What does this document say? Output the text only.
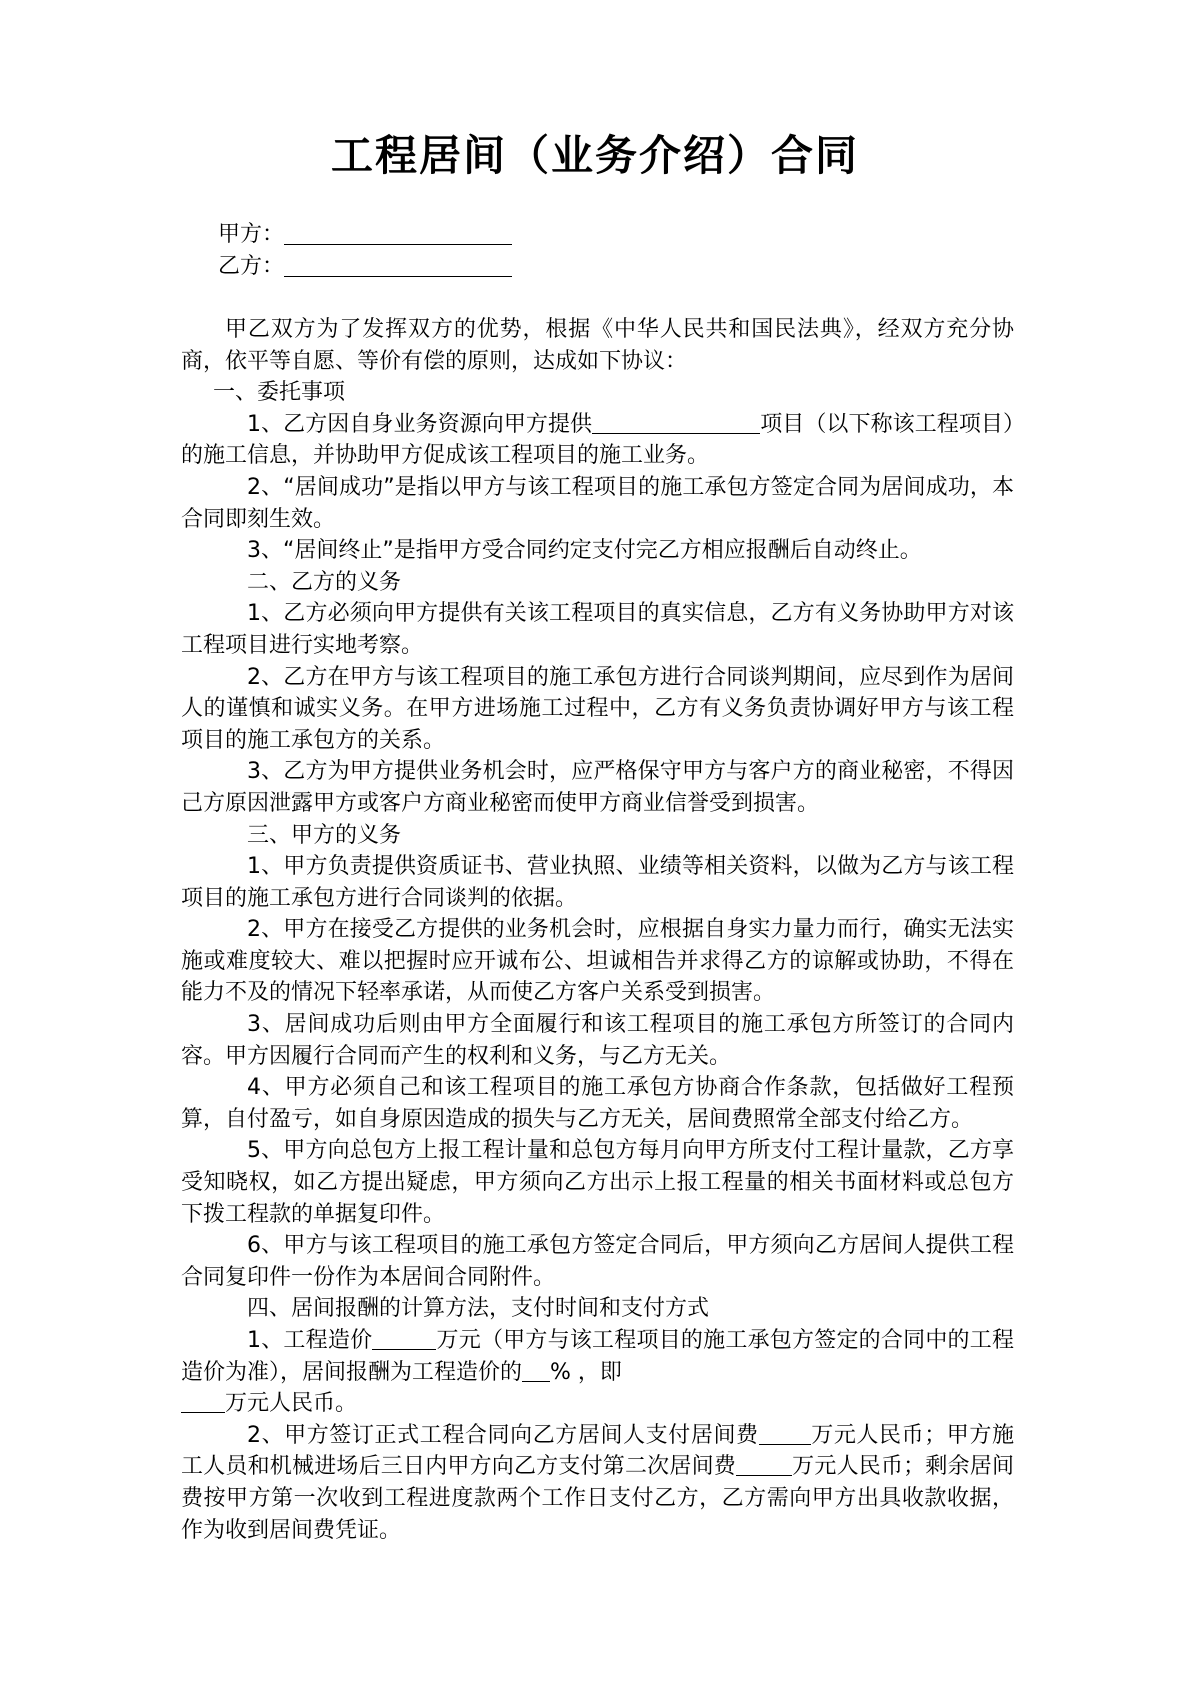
工程居间（业务介绍）合同
甲方：
乙方：

甲乙双方为了发挥双方的优势，根据《中华人民共和国民法典》，经双方充分协商，依平等自愿、等价有偿的原则，达成如下协议：

一、委托事项

1、乙方因自身业务资源向甲方提供	项目（以下称该工程项目）的施工信息，并协助甲方促成该工程项目的施工业务。

2、“居间成功”是指以甲方与该工程项目的施工承包方签定合同为居间成功，本合同即刻生效。

3、“居间终止”是指甲方受合同约定支付完乙方相应报酬后自动终止。

二、乙方的义务

1、乙方必须向甲方提供有关该工程项目的真实信息，乙方有义务协助甲方对该工程项目进行实地考察。

2、乙方在甲方与该工程项目的施工承包方进行合同谈判期间，应尽到作为居间人的谨慎和诚实义务。在甲方进场施工过程中，乙方有义务负责协调好甲方与该工程项目的施工承包方的关系。

3、乙方为甲方提供业务机会时，应严格保守甲方与客户方的商业秘密，不得因己方原因泄露甲方或客户方商业秘密而使甲方商业信誉受到损害。

三、甲方的义务

1、甲方负责提供资质证书、营业执照、业绩等相关资料，以做为乙方与该工程项目的施工承包方进行合同谈判的依据。

2、甲方在接受乙方提供的业务机会时，应根据自身实力量力而行，确实无法实施或难度较大、难以把握时应开诚布公、坦诚相告并求得乙方的谅解或协助，不得在能力不及的情况下轻率承诺，从而使乙方客户关系受到损害。

3、居间成功后则由甲方全面履行和该工程项目的施工承包方所签订的合同内容。甲方因履行合同而产生的权利和义务，与乙方无关。

4、甲方必须自己和该工程项目的施工承包方协商合作条款，包括做好工程预算，自付盈亏，如自身原因造成的损失与乙方无关，居间费照常全部支付给乙方。

5、甲方向总包方上报工程计量和总包方每月向甲方所支付工程计量款，乙方享受知晓权，如乙方提出疑虑，甲方须向乙方出示上报工程量的相关书面材料或总包方下拨工程款的单据复印件。

6、甲方与该工程项目的施工承包方签定合同后，甲方须向乙方居间人提供工程合同复印件一份作为本居间合同附件。

四、居间报酬的计算方法，支付时间和支付方式

1、工程造价	万元（甲方与该工程项目的施工承包方签定的合同中的工程造价为准），居间报酬为工程造价的 % ，即
万元人民币。

2、甲方签订正式工程合同向乙方居间人支付居间费 万元人民币；甲方施工人员和机械进场后三日内甲方向乙方支付第二次居间费	万元人民币；剩余居间费按甲方第一次收到工程进度款两个工作日支付乙方，乙方需向甲方出具收款收据，作为收到居间费凭证。
